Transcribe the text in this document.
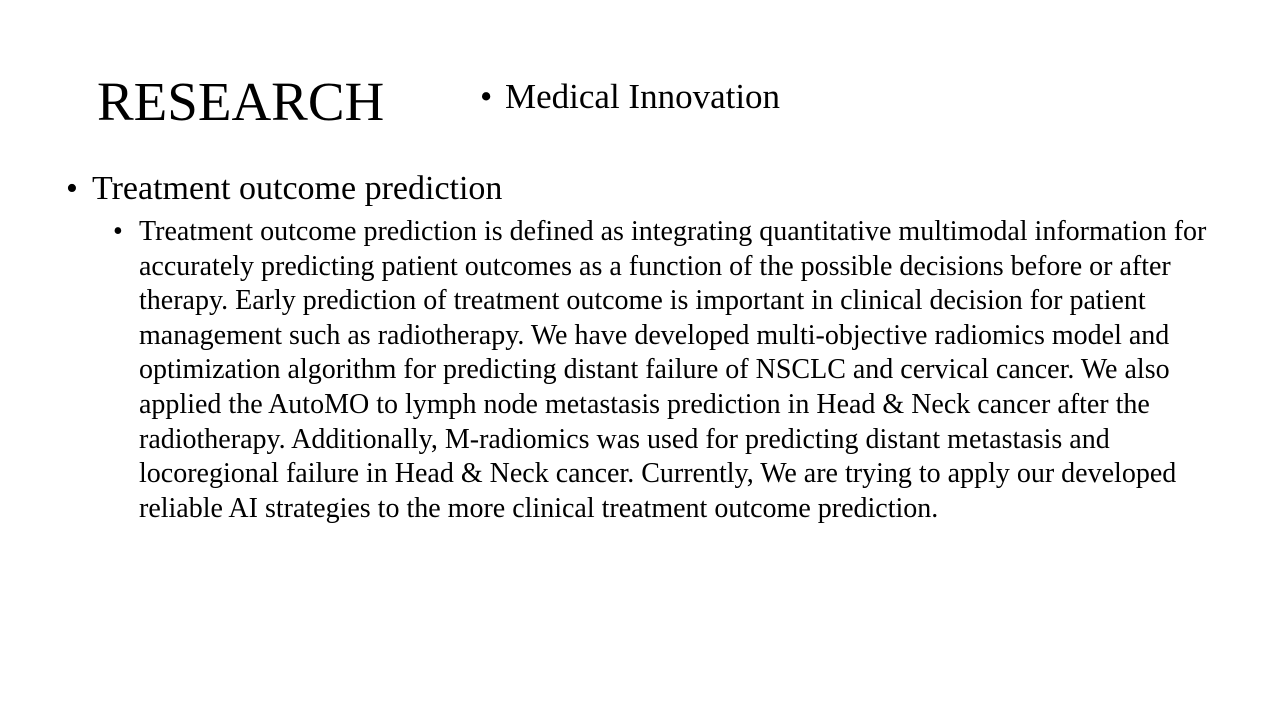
RESEARCH	• Medical Innovation
• Treatment outcome prediction
• Treatment outcome prediction is defined as integrating quantitative multimodal information for accurately predicting patient outcomes as a function of the possible decisions before or after therapy. Early prediction of treatment outcome is important in clinical decision for patient management such as radiotherapy. We have developed multi-objective radiomics model and optimization algorithm for predicting distant failure of NSCLC and cervical cancer. We also applied the AutoMO to lymph node metastasis prediction in Head & Neck cancer after the radiotherapy. Additionally, M-radiomics was used for predicting distant metastasis and locoregional failure in Head & Neck cancer. Currently, We are trying to apply our developed reliable AI strategies to the more clinical treatment outcome prediction.
